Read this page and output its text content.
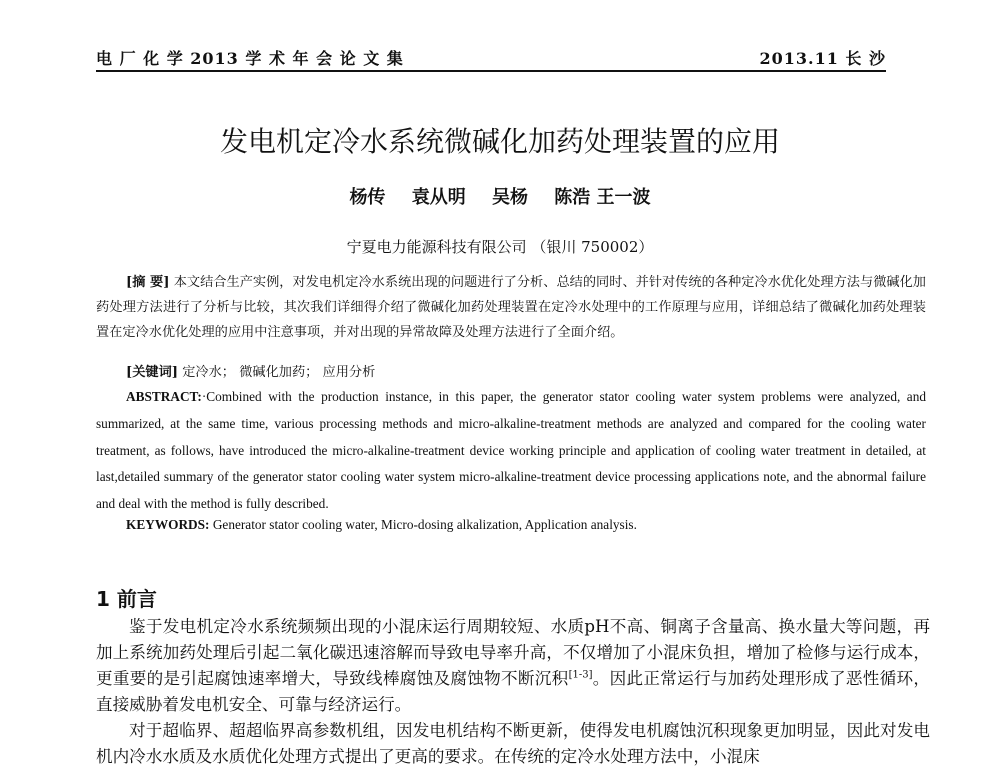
电 厂 化 学 2013 学 术 年 会 论 文 集	2013.11 长 沙
发电机定冷水系统微碱化加药处理装置的应用
杨传 袁从明 吴杨 陈浩 王一波
宁夏电力能源科技有限公司 （银川 750002）
[摘 要] 本文结合生产实例，对发电机定冷水系统出现的问题进行了分析、总结的同时、并针对传统的各种定冷水优化处理方法与微碱化加药处理方法进行了分析与比较，其次我们详细得介绍了微碱化加药处理装置在定冷水处理中的工作原理与应用，详细总结了微碱化加药处理装置在定冷水优化处理的应用中注意事项，并对出现的异常故障及处理方法进行了全面介绍。
[关键词] 定冷水； 微碱化加药； 应用分析
ABSTRACT:·Combined with the production instance, in this paper, the generator stator cooling water system problems were analyzed, and summarized, at the same time, various processing methods and micro-alkaline-treatment methods are analyzed and compared for the cooling water treatment, as follows, have introduced the micro-alkaline-treatment device working principle and application of cooling water treatment in detailed, at last,detailed summary of the generator stator cooling water system micro-alkaline-treatment device processing applications note, and the abnormal failure and deal with the method is fully described.
KEYWORDS: Generator stator cooling water, Micro-dosing alkalization, Application analysis.
1 前言

鉴于发电机定冷水系统频频出现的小混床运行周期较短、水质pH不高、铜离子含量高、换水量大等问题，再加上系统加药处理后引起二氧化碳迅速溶解而导致电导率升高，不仅增加了小混床负担，增加了检修与运行成本，更重要的是引起腐蚀速率增大，导致线棒腐蚀及腐蚀物不断沉积[1-3]。因此正常运行与加药处理形成了恶性循环，直接威胁着发电机安全、可靠与经济运行。

对于超临界、超超临界高参数机组，因发电机结构不断更新，使得发电机腐蚀沉积现象更加明显，因此对发电机内冷水水质及水质优化处理方式提出了更高的要求。在传统的定冷水处理方法中，小混床
